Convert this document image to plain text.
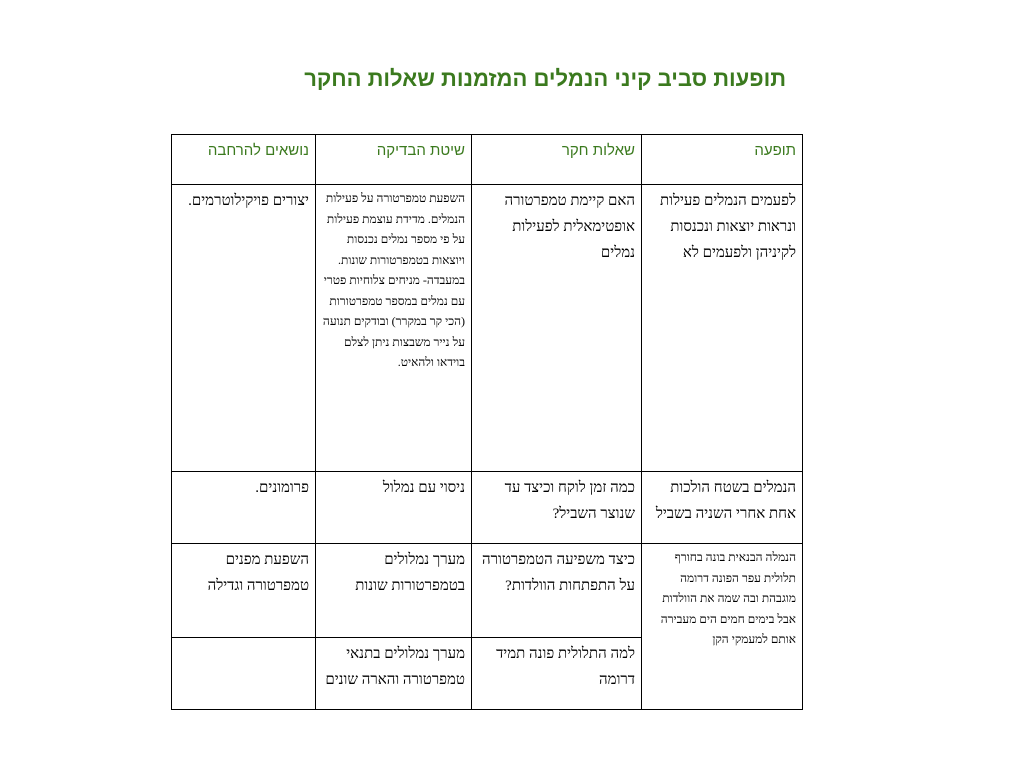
תופעות סביב קיני הנמלים המזמנות שאלות החקר
תופעה	שאלות חקר	שיטת הבדיקה	נושאים להרחבה
לפעמים הנמלים פעילות ונראות יוצאות ונכנסות לקיניהן ולפעמים לא	האם קיימת טמפרטורה אופטימאלית לפעילות נמלים	השפעת טמפרטורה על פעילות הנמלים. מדידת עוצמת פעילות על פי מספר נמלים נכנסות ויוצאות בטמפרטורות שונות. במעבדה- מניחים צלוחיות פטרי עם נמלים במספר טמפרטורות (הכי קר במקרר) ובודקים תנועה על נייר משבצות ניתן לצלם בוידאו ולהאיט.	יצורים פויקילוטרמים.
הנמלים בשטח הולכות אחת אחרי השניה בשביל	כמה זמן לוקח וכיצד עד שנוצר השביל?	ניסוי עם נמלול	פרומונים.
הנמלה הבנאית בונה בחורף תלולית עפר הפונה דרומה מוגבהת ובה שמה את הוולדות אבל בימים חמים הים מעבירה אותם למעמקי הקן	כיצד משפיעה הטמפרטורה על התפתחות הוולדות?	מערך נמלולים בטמפרטורות שונות	השפעת מפנים טמפרטורה וגדילה
	למה התלולית פונה תמיד דרומה	מערך נמלולים בתנאי טמפרטורה והארה שונים	
